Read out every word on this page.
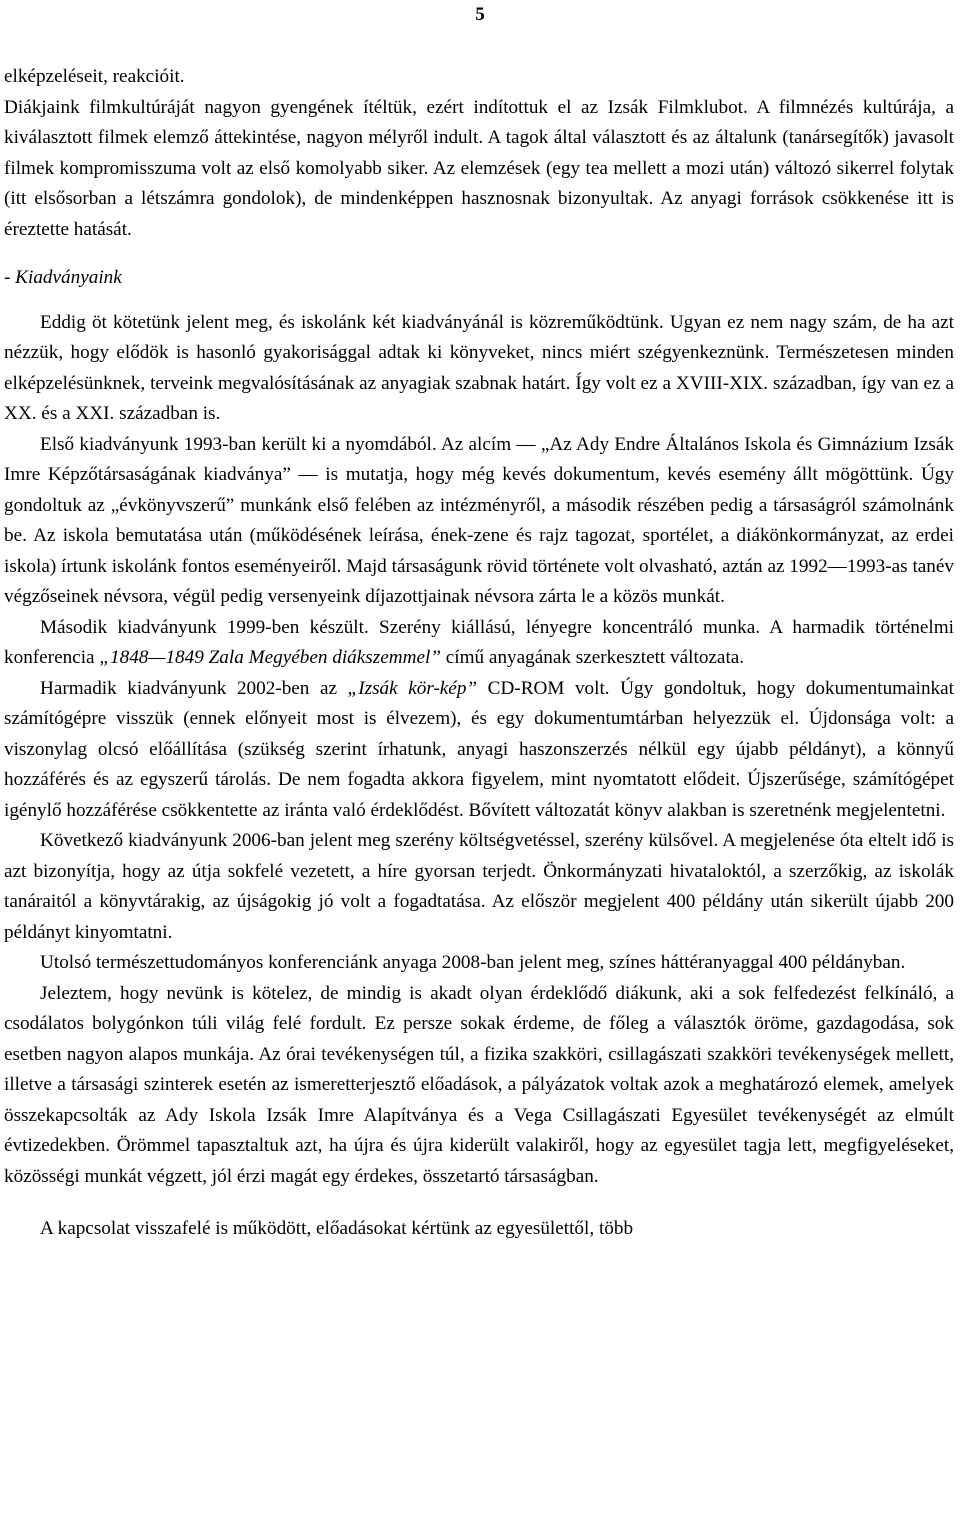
5

elképzeléseit, reakcióit.

Diákjaink filmkultúráját nagyon gyengének ítéltük, ezért indítottuk el az Izsák Filmklubot. A filmnézés kultúrája, a kiválasztott filmek elemző áttekintése, nagyon mélyről indult. A tagok által választott és az általunk (tanársegítők) javasolt filmek kompromisszuma volt az első komolyabb siker. Az elemzések (egy tea mellett a mozi után) változó sikerrel folytak (itt elsősorban a létszámra gondolok), de mindenképpen hasznosnak bizonyultak. Az anyagi források csökkenése itt is éreztette hatását.

- Kiadványaink

Eddig öt kötetünk jelent meg, és iskolánk két kiadványánál is közreműködtünk. Ugyan ez nem nagy szám, de ha azt nézzük, hogy elődök is hasonló gyakorisággal adtak ki könyveket, nincs miért szégyenkeznünk. Természetesen minden elképzelésünknek, terveink megvalósításának az anyagiak szabnak határt. Így volt ez a XVIII-XIX. században, így van ez a XX. és a XXI. században is.

Első kiadványunk 1993-ban került ki a nyomdából. Az alcím — „Az Ady Endre Általános Iskola és Gimnázium Izsák Imre Képzőtársaságának kiadványa” — is mutatja, hogy még kevés dokumentum, kevés esemény állt mögöttünk. Úgy gondoltuk az „évkönyvszerű” munkánk első felében az intézményről, a második részében pedig a társaságról számolnánk be. Az iskola bemutatása után (működésének leírása, ének-zene és rajz tagozat, sportélet, a diákönkormányzat, az erdei iskola) írtunk iskolánk fontos eseményeiről. Majd társaságunk rövid története volt olvasható, aztán az 1992—1993-as tanév végzőseinek névsora, végül pedig versenyeink díjazottjainak névsora zárta le a közös munkát.

Második kiadványunk 1999-ben készült. Szerény kiállású, lényegre koncentráló munka. A harmadik történelmi konferencia „1848—1849 Zala Megyében diákszemmel” című anyagának szerkesztett változata.

Harmadik kiadványunk 2002-ben az „Izsák kör-kép” CD-ROM volt. Úgy gondoltuk, hogy dokumentumainkat számítógépre visszük (ennek előnyeit most is élvezem), és egy dokumentumtárban helyezzük el. Újdonsága volt: a viszonylag olcsó előállítása (szükség szerint írhatunk, anyagi haszonszerzés nélkül egy újabb példányt), a könnyű hozzáférés és az egyszerű tárolás. De nem fogadta akkora figyelem, mint nyomtatott elődeit. Újszerűsége, számítógépet igénylő hozzáférése csökkentette az iránta való érdeklődést. Bővített változatát könyv alakban is szeretnénk megjelentetni.

Következő kiadványunk 2006-ban jelent meg szerény költségvetéssel, szerény külsővel. A megjelenése óta eltelt idő is azt bizonyítja, hogy az útja sokfelé vezetett, a híre gyorsan terjedt. Önkormányzati hivataloktól, a szerzőkig, az iskolák tanáraitól a könyvtárakig, az újságokig jó volt a fogadtatása. Az először megjelent 400 példány után sikerült újabb 200 példányt kinyomtatni.

Utolsó természettudományos konferenciánk anyaga 2008-ban jelent meg, színes háttéranyaggal 400 példányban.

Jeleztem, hogy nevünk is kötelez, de mindig is akadt olyan érdeklődő diákunk, aki a sok felfedezést felkínáló, a csodálatos bolygónkon túli világ felé fordult. Ez persze sokak érdeme, de főleg a választók öröme, gazdagodása, sok esetben nagyon alapos munkája. Az órai tevékenységen túl, a fizika szakköri, csillagászati szakköri tevékenységek mellett, illetve a társasági szinterek esetén az ismeretterjesztő előadások, a pályázatok voltak azok a meghatározó elemek, amelyek összekapcsolták az Ady Iskola Izsák Imre Alapítványa és a Vega Csillagászati Egyesület tevékenységét az elmúlt évtizedekben. Örömmel tapasztaltuk azt, ha újra és újra kiderült valakiről, hogy az egyesület tagja lett, megfigyeléseket, közösségi munkát végzett, jól érzi magát egy érdekes, összetartó társaságban.

A kapcsolat visszafelé is működött, előadásokat kértünk az egyesülettől, több
